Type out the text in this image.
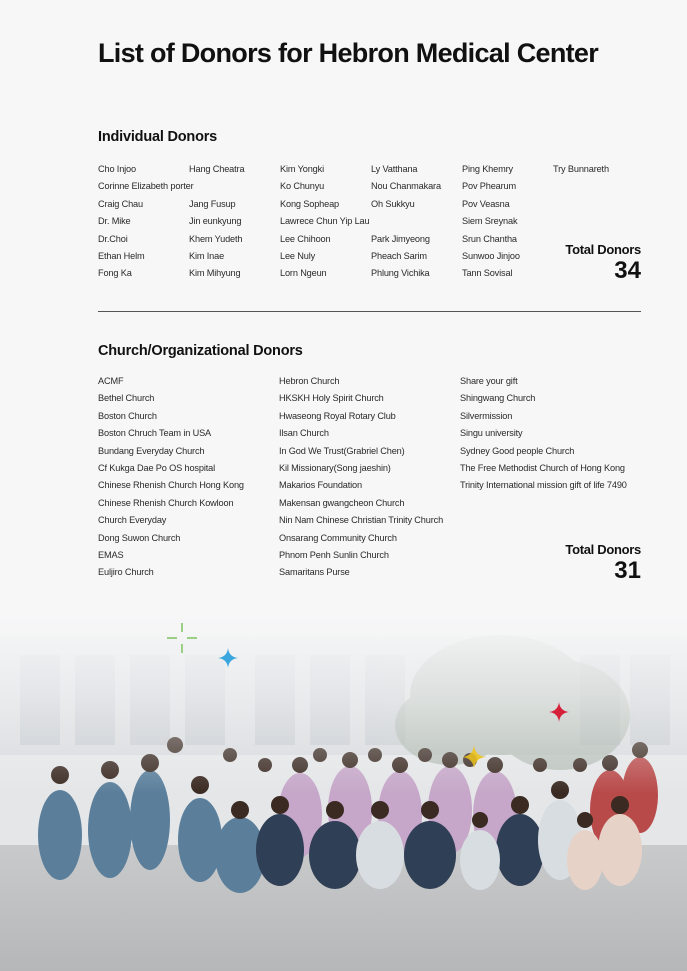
List of Donors for Hebron Medical Center
Individual Donors
Cho Injoo
Corinne Elizabeth porter
Craig Chau
Dr. Mike
Dr.Choi
Ethan Helm
Fong Ka
Hang Cheatra

Jang Fusup
Jin eunkyung
Khem Yudeth
Kim Inae
Kim Mihyung
Kim Yongki
Ko Chunyu
Kong Sopheap
Lawrece Chun Yip Lau
Lee Chihoon
Lee Nuly
Lorn Ngeun
Ly Vatthana
Nou Chanmakara
Oh Sukkyu

Park Jimyeong
Pheach Sarim
Phlung Vichika
Ping Khemry
Pov Phearum
Pov Veasna
Siem Sreynak
Srun Chantha
Sunwoo Jinjoo
Tann Sovisal
Try Bunnareth
Total Donors
34
Church/Organizational Donors
ACMF
Bethel Church
Boston Church
Boston Chruch Team in USA
Bundang Everyday Church
Cf Kukga Dae Po OS hospital
Chinese Rhenish Church Hong Kong
Chinese Rhenish Church Kowloon
Church Everyday
Dong Suwon Church
EMAS
Euljiro Church
Hebron Church
HKSKH Holy Spirit Church
Hwaseong Royal Rotary Club
Ilsan Church
In God We Trust(Grabriel Chen)
Kil Missionary(Song jaeshin)
Makarios Foundation
Makensan gwangcheon Church
Nin Nam Chinese Christian Trinity Church
Onsarang Community Church
Phnom Penh Sunlin Church
Samaritans Purse
Share your gift
Shingwang Church
Silvermission
Singu university
Sydney Good people Church
The Free Methodist Church of Hong Kong
Trinity International mission gift of life 7490
Total Donors
31
